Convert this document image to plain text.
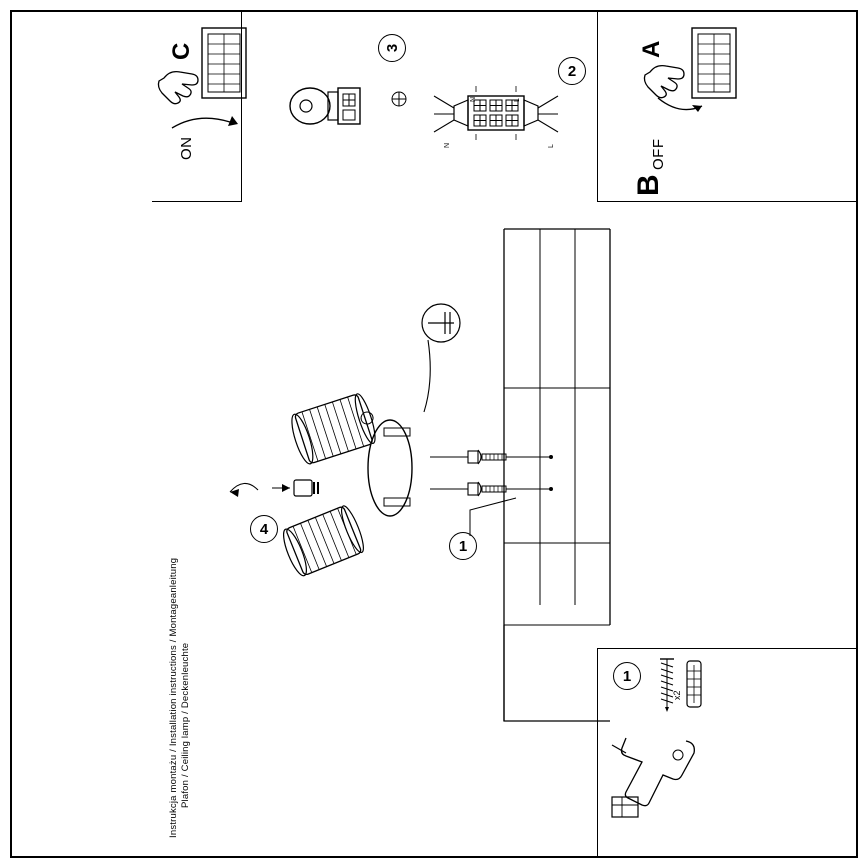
A
OFF
C
ON
3
2
N	L
N	L
B
1
4
1
x2
Instrukcja montażu / Installation instructions / Montageanleitung Plafon / Ceiling lamp / Deckenleuchte
